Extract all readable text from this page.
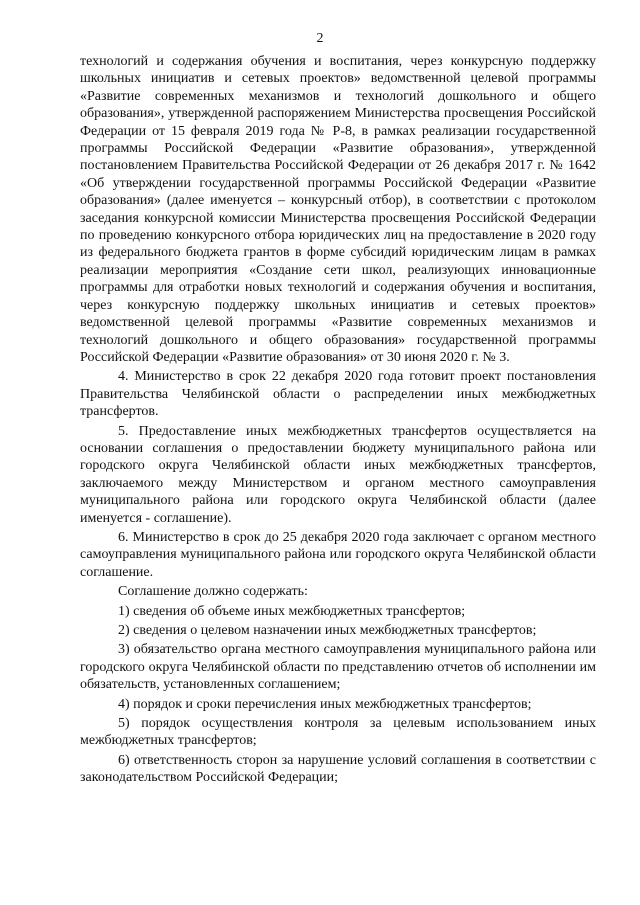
2

технологий и содержания обучения и воспитания, через конкурсную поддержку школьных инициатив и сетевых проектов» ведомственной целевой программы «Развитие современных механизмов и технологий дошкольного и общего образования», утвержденной распоряжением Министерства просвещения Российской Федерации от 15 февраля 2019 года № Р-8, в рамках реализации государственной программы Российской Федерации «Развитие образования», утвержденной постановлением Правительства Российской Федерации от 26 декабря 2017 г. № 1642 «Об утверждении государственной программы Российской Федерации «Развитие образования» (далее именуется – конкурсный отбор), в соответствии с протоколом заседания конкурсной комиссии Министерства просвещения Российской Федерации по проведению конкурсного отбора юридических лиц на предоставление в 2020 году из федерального бюджета грантов в форме субсидий юридическим лицам в рамках реализации мероприятия «Создание сети школ, реализующих инновационные программы для отработки новых технологий и содержания обучения и воспитания, через конкурсную поддержку школьных инициатив и сетевых проектов» ведомственной целевой программы «Развитие современных механизмов и технологий дошкольного и общего образования» государственной программы Российской Федерации «Развитие образования» от 30 июня 2020 г. № 3.

4. Министерство в срок 22 декабря 2020 года готовит проект постановления Правительства Челябинской области о распределении иных межбюджетных трансфертов.

5. Предоставление иных межбюджетных трансфертов осуществляется на основании соглашения о предоставлении бюджету муниципального района или городского округа Челябинской области иных межбюджетных трансфертов, заключаемого между Министерством и органом местного самоуправления муниципального района или городского округа Челябинской области (далее именуется - соглашение).

6. Министерство в срок до 25 декабря 2020 года заключает с органом местного самоуправления муниципального района или городского округа Челябинской области соглашение.

Соглашение должно содержать:

1) сведения об объеме иных межбюджетных трансфертов;

2) сведения о целевом назначении иных межбюджетных трансфертов;

3) обязательство органа местного самоуправления муниципального района или городского округа Челябинской области по представлению отчетов об исполнении им обязательств, установленных соглашением;

4) порядок и сроки перечисления иных межбюджетных трансфертов;

5) порядок осуществления контроля за целевым использованием иных межбюджетных трансфертов;

6) ответственность сторон за нарушение условий соглашения в соответствии с законодательством Российской Федерации;
